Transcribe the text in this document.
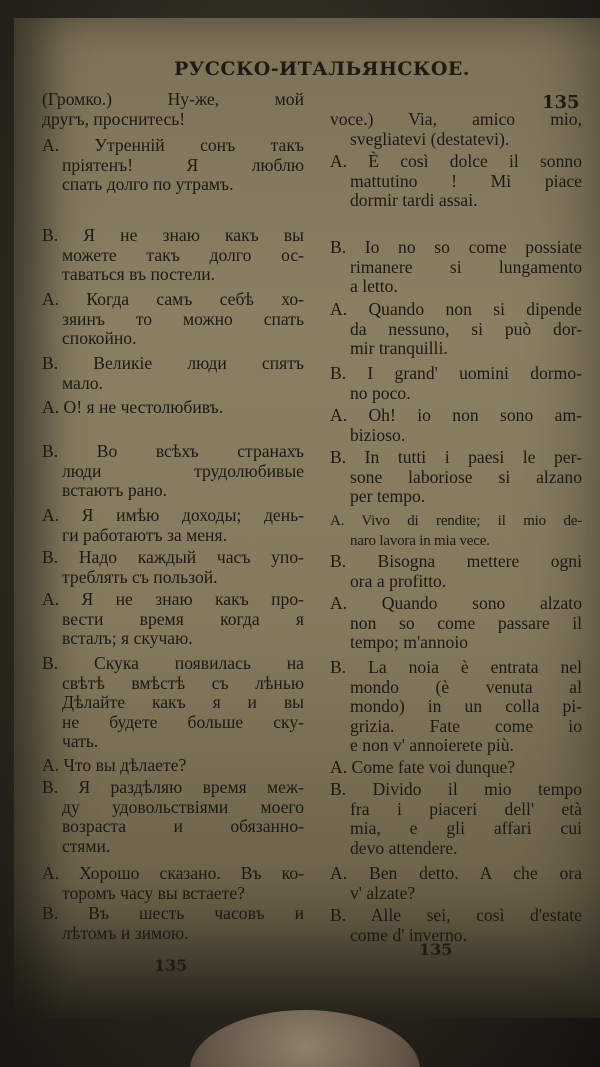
РУССКО-ИТАЛЬЯНСКОЕ.
135
(Громко.) Ну-же, мой
другъ, проснитесь!
А. Утренній сонъ такъ
пріятенъ! Я люблю
спать долго по утрамъ.
В. Я не знаю какъ вы
можете такъ долго ос-
таваться въ постели.
А. Когда самъ себѣ хо-
зяинъ то можно спать
спокойно.
В. Великіе люди спятъ
мало.
А. О! я не честолюбивъ.
В. Во всѣхъ странахъ
люди трудолюбивые
встаютъ рано.
А. Я имѣю доходы; день-
ги работаютъ за меня.
В. Надо каждый часъ упо-
треблять съ пользой.
А. Я не знаю какъ про-
вести время когда я
всталъ; я скучаю.
В. Скука появилась на
свѣтѣ вмѣстѣ съ лѣнью
Дѣлайте какъ я и вы
не будете больше ску-
чать.
А. Что вы дѣлаете?
В. Я раздѣляю время меж-
ду удовольствіями моего
возраста и обязанно-
стями.
А. Хорошо сказано. Въ ко-
торомъ часу вы встаете?
В. Въ шесть часовъ и
лѣтомъ и зимою.
voce.) Via, amico mio,
svegliatevi (destatevi).
A. È così dolce il sonno
mattutino ! Mi piace
dormir tardi assai.
B. Io no so come possiate
rimanere si lungamento
a letto.
A. Quando non si dipende
da nessuno, si può dor-
mir tranquilli.
B. I grand' uomini dormo-
no poco.
A. Oh! io non sono am-
bizioso.
B. In tutti i paesi le per-
sone laboriose si alzano
per tempo.
A. Vivo di rendite; il mio de-
naro lavora in mia vece.
B. Bisogna mettere ogni
ora a profitto.
A. Quando sono alzato
non so come passare il
tempo; m'annoio
B. La noia è entrata nel
mondo (è venuta al
mondo) in un colla pi-
grizia. Fate come io
e non v' annoierete più.
A. Come fate voi dunque?
B. Divido il mio tempo
fra i piaceri dell' età
mia, e gli affari cui
devo attendere.
A. Ben detto. A che ora
v' alzate?
B. Alle sei, così d'estate
come d' inverno.
135
135
